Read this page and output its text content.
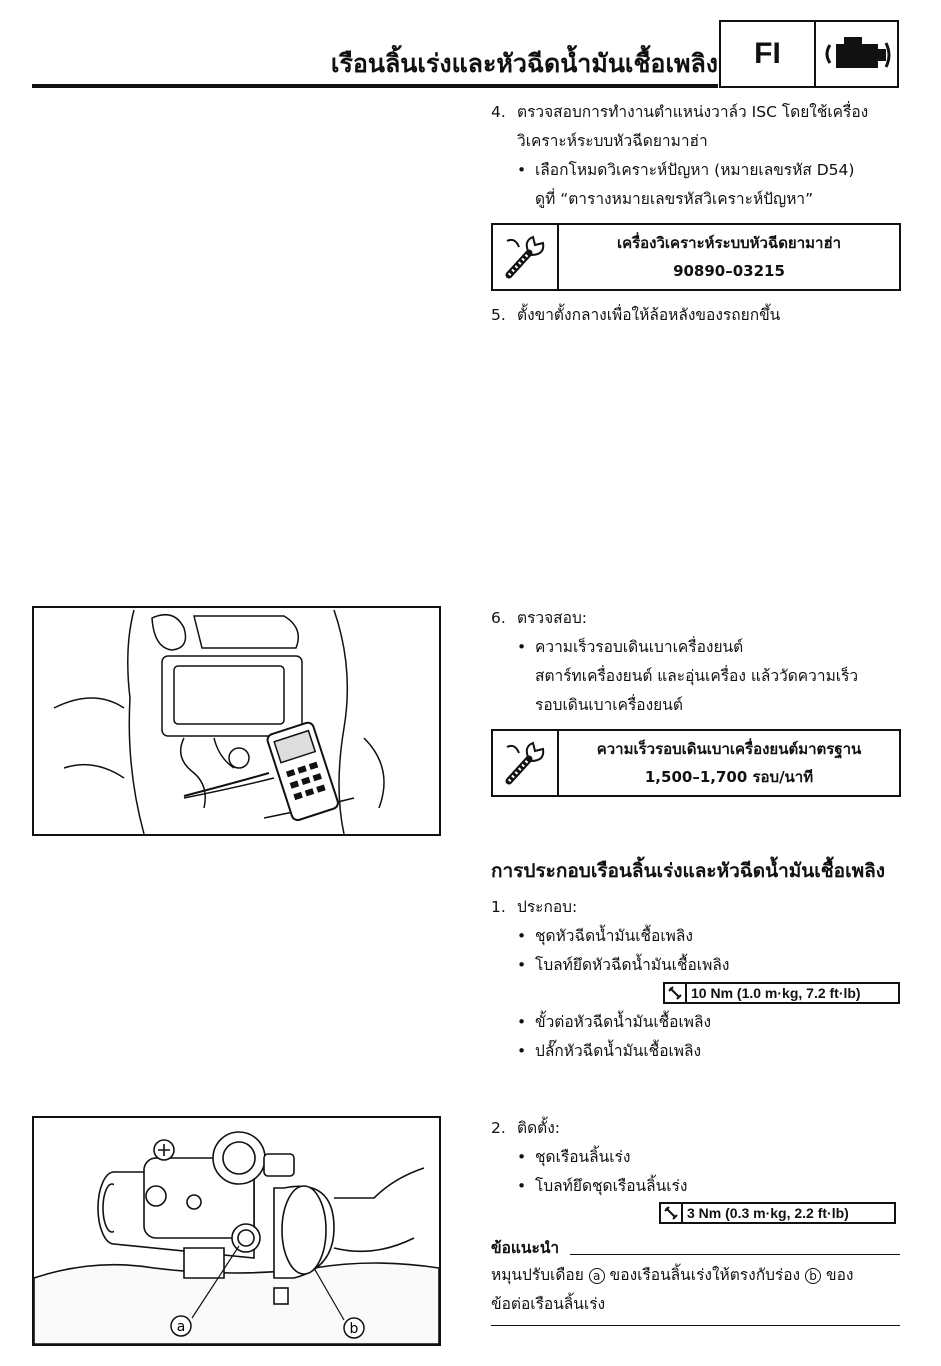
เรือนลิ้นเร่งและหัวฉีดน้ำมันเชื้อเพลิง	FI
4. ตรวจสอบการทำงานตำแหน่งวาล์ว ISC โดยใช้เครื่อง
วิเคราะห์ระบบหัวฉีดยามาฮ่า
• เลือกโหมดวิเคราะห์ปัญหา (หมายเลขรหัส D54)
ดูที่ “ตารางหมายเลขรหัสวิเคราะห์ปัญหา”
เครื่องวิเคราะห์ระบบหัวฉีดยามาฮ่า
90890–03215
5. ตั้งขาตั้งกลางเพื่อให้ล้อหลังของรถยกขึ้น
6. ตรวจสอบ:
• ความเร็วรอบเดินเบาเครื่องยนต์
สตาร์ทเครื่องยนต์ และอุ่นเครื่อง แล้ววัดความเร็ว
รอบเดินเบาเครื่องยนต์
ความเร็วรอบเดินเบาเครื่องยนต์มาตรฐาน
1,500–1,700 รอบ/นาที
การประกอบเรือนลิ้นเร่งและหัวฉีดน้ำมันเชื้อเพลิง
1. ประกอบ:
• ชุดหัวฉีดน้ำมันเชื้อเพลิง
• โบลท์ยึดหัวฉีดน้ำมันเชื้อเพลิง
10 Nm (1.0 m·kg, 7.2 ft·lb)
• ขั้วต่อหัวฉีดน้ำมันเชื้อเพลิง
• ปลั๊กหัวฉีดน้ำมันเชื้อเพลิง
a	b
2. ติดตั้ง:
• ชุดเรือนลิ้นเร่ง
• โบลท์ยึดชุดเรือนลิ้นเร่ง
3 Nm (0.3 m·kg, 2.2 ft·lb)
ข้อแนะนำ
หมุนปรับเดือย a ของเรือนลิ้นเร่งให้ตรงกับร่อง b ของ
ข้อต่อเรือนลิ้นเร่ง
